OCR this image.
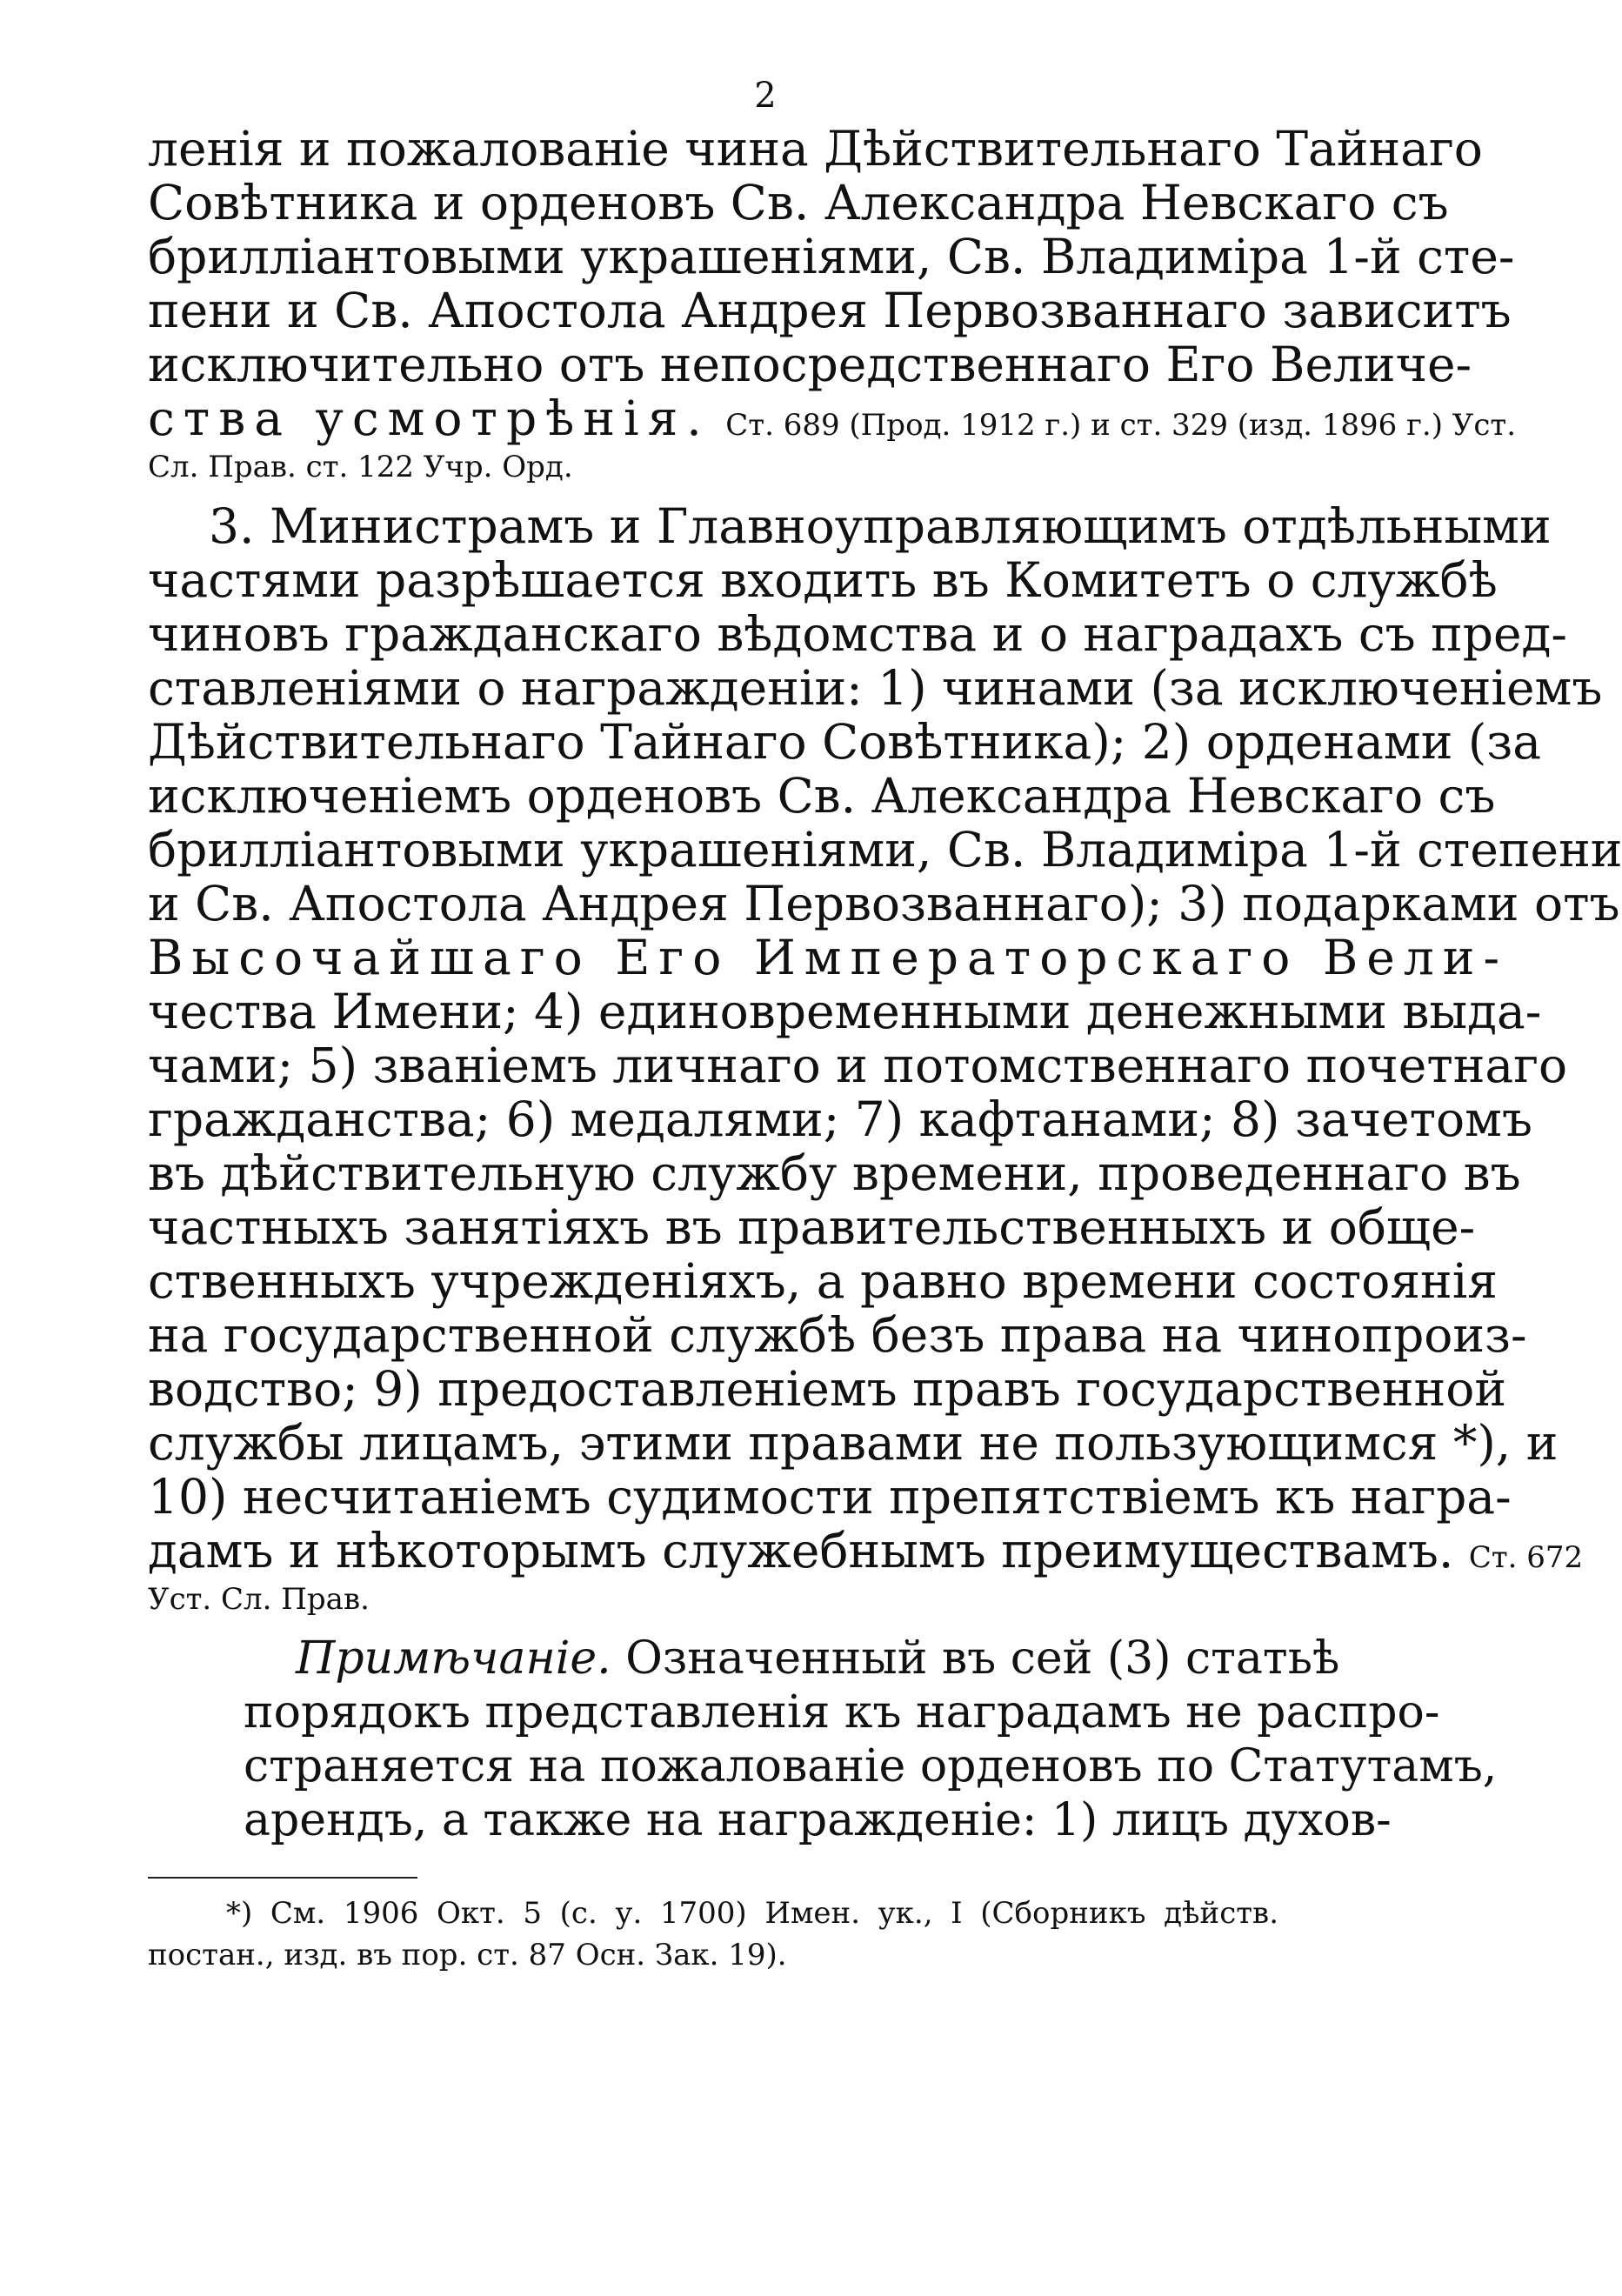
2
ленія и пожалованіе чина Дѣйствительнаго Тайнаго
Совѣтника и орденовъ Св. Александра Невскаго съ
брилліантовыми украшеніями, Св. Владиміра 1-й сте-
пени и Св. Апостола Андрея Первозваннаго зависитъ
исключительно отъ непосредственнаго Его Величе-
ства усмотрѣнія. Ст. 689 (Прод. 1912 г.) и ст. 329 (изд. 1896 г.) Уст.
Сл. Прав. ст. 122 Учр. Орд.
3. Министрамъ и Главноуправляющимъ отдѣльными
частями разрѣшается входить въ Комитетъ о службѣ
чиновъ гражданскаго вѣдомства и о наградахъ съ пред-
ставленіями о награжденіи: 1) чинами (за исключеніемъ
Дѣйствительнаго Тайнаго Совѣтника); 2) орденами (за
исключеніемъ орденовъ Св. Александра Невскаго съ
брилліантовыми украшеніями, Св. Владиміра 1-й степени
и Св. Апостола Андрея Первозваннаго); 3) подарками отъ
Высочайшаго Его Императорскаго Вели-
чества Имени; 4) единовременными денежными выда-
чами; 5) званіемъ личнаго и потомственнаго почетнаго
гражданства; 6) медалями; 7) кафтанами; 8) зачетомъ
въ дѣйствительную службу времени, проведеннаго въ
частныхъ занятіяхъ въ правительственныхъ и обще-
ственныхъ учрежденіяхъ, а равно времени состоянія
на государственной службѣ безъ права на чинопроиз-
водство; 9) предоставленіемъ правъ государственной
службы лицамъ, этими правами не пользующимся *), и
10) несчитаніемъ судимости препятствіемъ къ награ-
дамъ и нѣкоторымъ служебнымъ преимуществамъ. Ст. 672
Уст. Сл. Прав.
Примѣчаніе. Означенный въ сей (3) статьѣ
порядокъ представленія къ наградамъ не распро-
страняется на пожалованіе орденовъ по Статутамъ,
арендъ, а также на награжденіе: 1) лицъ духов-
*) См. 1906 Окт. 5 (с. у. 1700) Имен. ук., I (Сборникъ дѣйств.
постан., изд. въ пор. ст. 87 Осн. Зак. 19).
